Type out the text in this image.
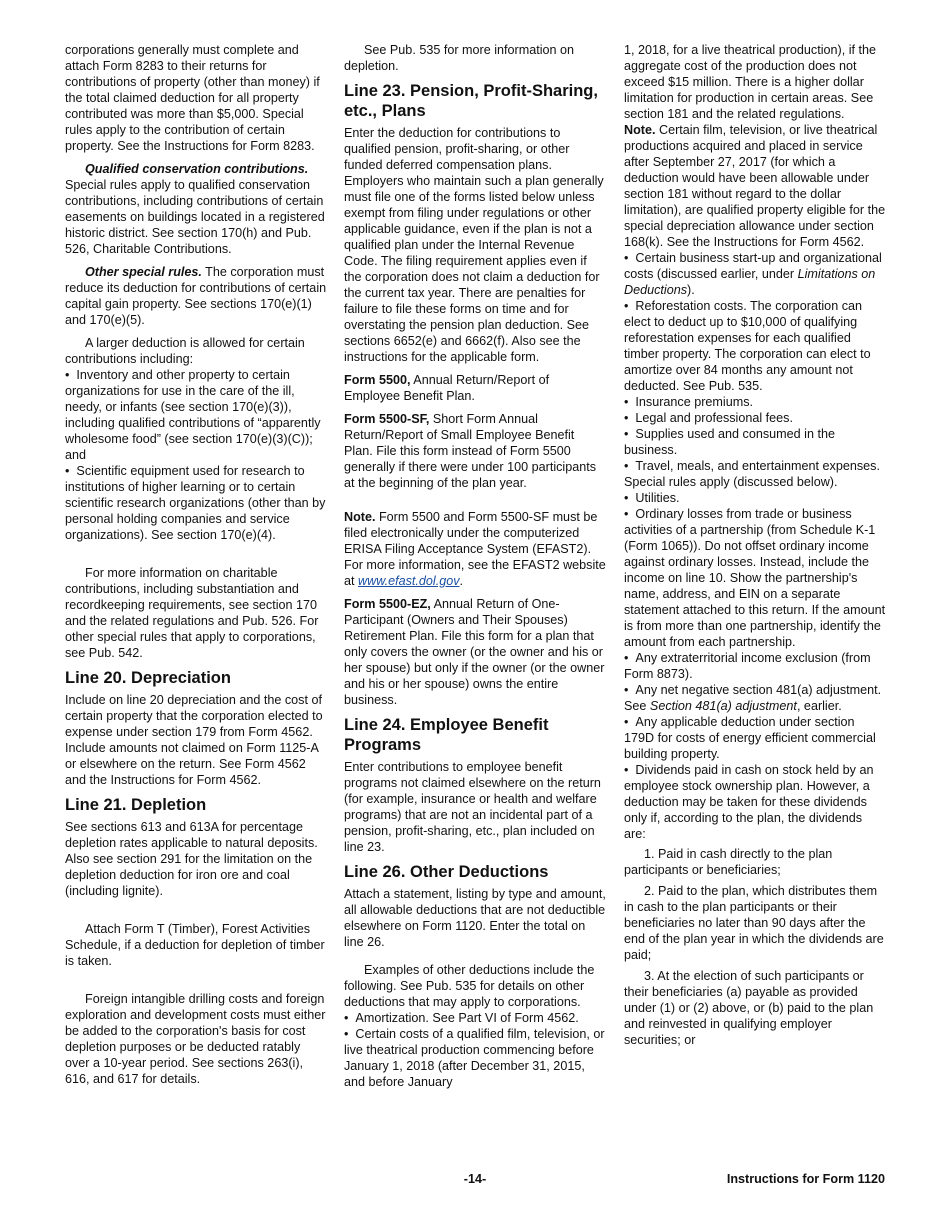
corporations generally must complete and attach Form 8283 to their returns for contributions of property (other than money) if the total claimed deduction for all property contributed was more than $5,000. Special rules apply to the contribution of certain property. See the Instructions for Form 8283.

Qualified conservation contributions. Special rules apply to qualified conservation contributions, including contributions of certain easements on buildings located in a registered historic district. See section 170(h) and Pub. 526, Charitable Contributions.

Other special rules. The corporation must reduce its deduction for contributions of certain capital gain property. See sections 170(e)(1) and 170(e)(5).

A larger deduction is allowed for certain contributions including:

•  Inventory and other property to certain organizations for use in the care of the ill, needy, or infants (see section 170(e)(3)), including qualified contributions of “apparently wholesome food” (see section 170(e)(3)(C)); and
•  Scientific equipment used for research to institutions of higher learning or to certain scientific research organizations (other than by personal holding companies and service organizations). See section 170(e)(4).

For more information on charitable contributions, including substantiation and recordkeeping requirements, see section 170 and the related regulations and Pub. 526. For other special rules that apply to corporations, see Pub. 542.

Line 20. Depreciation

Include on line 20 depreciation and the cost of certain property that the corporation elected to expense under section 179 from Form 4562. Include amounts not claimed on Form 1125-A or elsewhere on the return. See Form 4562 and the Instructions for Form 4562.

Line 21. Depletion

See sections 613 and 613A for percentage depletion rates applicable to natural deposits. Also see section 291 for the limitation on the depletion deduction for iron ore and coal (including lignite).

Attach Form T (Timber), Forest Activities Schedule, if a deduction for depletion of timber is taken.

Foreign intangible drilling costs and foreign exploration and development costs must either be added to the corporation's basis for cost depletion purposes or be deducted ratably over a 10-year period. See sections 263(i), 616, and 617 for details.

See Pub. 535 for more information on depletion.

Line 23. Pension, Profit-Sharing, etc., Plans

Enter the deduction for contributions to qualified pension, profit-sharing, or other funded deferred compensation plans. Employers who maintain such a plan generally must file one of the forms listed below unless exempt from filing under regulations or other applicable guidance, even if the plan is not a qualified plan under the Internal Revenue Code. The filing requirement applies even if the corporation does not claim a deduction for the current tax year. There are penalties for failure to file these forms on time and for overstating the pension plan deduction. See sections 6652(e) and 6662(f). Also see the instructions for the applicable form.

Form 5500, Annual Return/Report of Employee Benefit Plan.

Form 5500-SF, Short Form Annual Return/Report of Small Employee Benefit Plan. File this form instead of Form 5500 generally if there were under 100 participants at the beginning of the plan year.

Note. Form 5500 and Form 5500-SF must be filed electronically under the computerized ERISA Filing Acceptance System (EFAST2). For more information, see the EFAST2 website at www.efast.dol.gov.

Form 5500-EZ, Annual Return of One-Participant (Owners and Their Spouses) Retirement Plan. File this form for a plan that only covers the owner (or the owner and his or her spouse) but only if the owner (or the owner and his or her spouse) owns the entire business.

Line 24. Employee Benefit Programs

Enter contributions to employee benefit programs not claimed elsewhere on the return (for example, insurance or health and welfare programs) that are not an incidental part of a pension, profit-sharing, etc., plan included on line 23.

Line 26. Other Deductions

Attach a statement, listing by type and amount, all allowable deductions that are not deductible elsewhere on Form 1120. Enter the total on line 26.

Examples of other deductions include the following. See Pub. 535 for details on other deductions that may apply to corporations.

•  Amortization. See Part VI of Form 4562.
•  Certain costs of a qualified film, television, or live theatrical production commencing before January 1, 2018 (after December 31, 2015, and before January

1, 2018, for a live theatrical production), if the aggregate cost of the production does not exceed $15 million. There is a higher dollar limitation for production in certain areas. See section 181 and the related regulations.

Note. Certain film, television, or live theatrical productions acquired and placed in service after September 27, 2017 (for which a deduction would have been allowable under section 181 without regard to the dollar limitation), are qualified property eligible for the special depreciation allowance under section 168(k). See the Instructions for Form 4562.

•  Certain business start-up and organizational costs (discussed earlier, under Limitations on Deductions).
•  Reforestation costs. The corporation can elect to deduct up to $10,000 of qualifying reforestation expenses for each qualified timber property. The corporation can elect to amortize over 84 months any amount not deducted. See Pub. 535.
•  Insurance premiums.
•  Legal and professional fees.
•  Supplies used and consumed in the business.
•  Travel, meals, and entertainment expenses. Special rules apply (discussed below).
•  Utilities.
•  Ordinary losses from trade or business activities of a partnership (from Schedule K-1 (Form 1065)). Do not offset ordinary income against ordinary losses. Instead, include the income on line 10. Show the partnership's name, address, and EIN on a separate statement attached to this return. If the amount is from more than one partnership, identify the amount from each partnership.
•  Any extraterritorial income exclusion (from Form 8873).
•  Any net negative section 481(a) adjustment. See Section 481(a) adjustment, earlier.
•  Any applicable deduction under section 179D for costs of energy efficient commercial building property.
•  Dividends paid in cash on stock held by an employee stock ownership plan. However, a deduction may be taken for these dividends only if, according to the plan, the dividends are:

1. Paid in cash directly to the plan participants or beneficiaries;

2. Paid to the plan, which distributes them in cash to the plan participants or their beneficiaries no later than 90 days after the end of the plan year in which the dividends are paid;

3. At the election of such participants or their beneficiaries (a) payable as provided under (1) or (2) above, or (b) paid to the plan and reinvested in qualifying employer securities; or

-14-	Instructions for Form 1120
